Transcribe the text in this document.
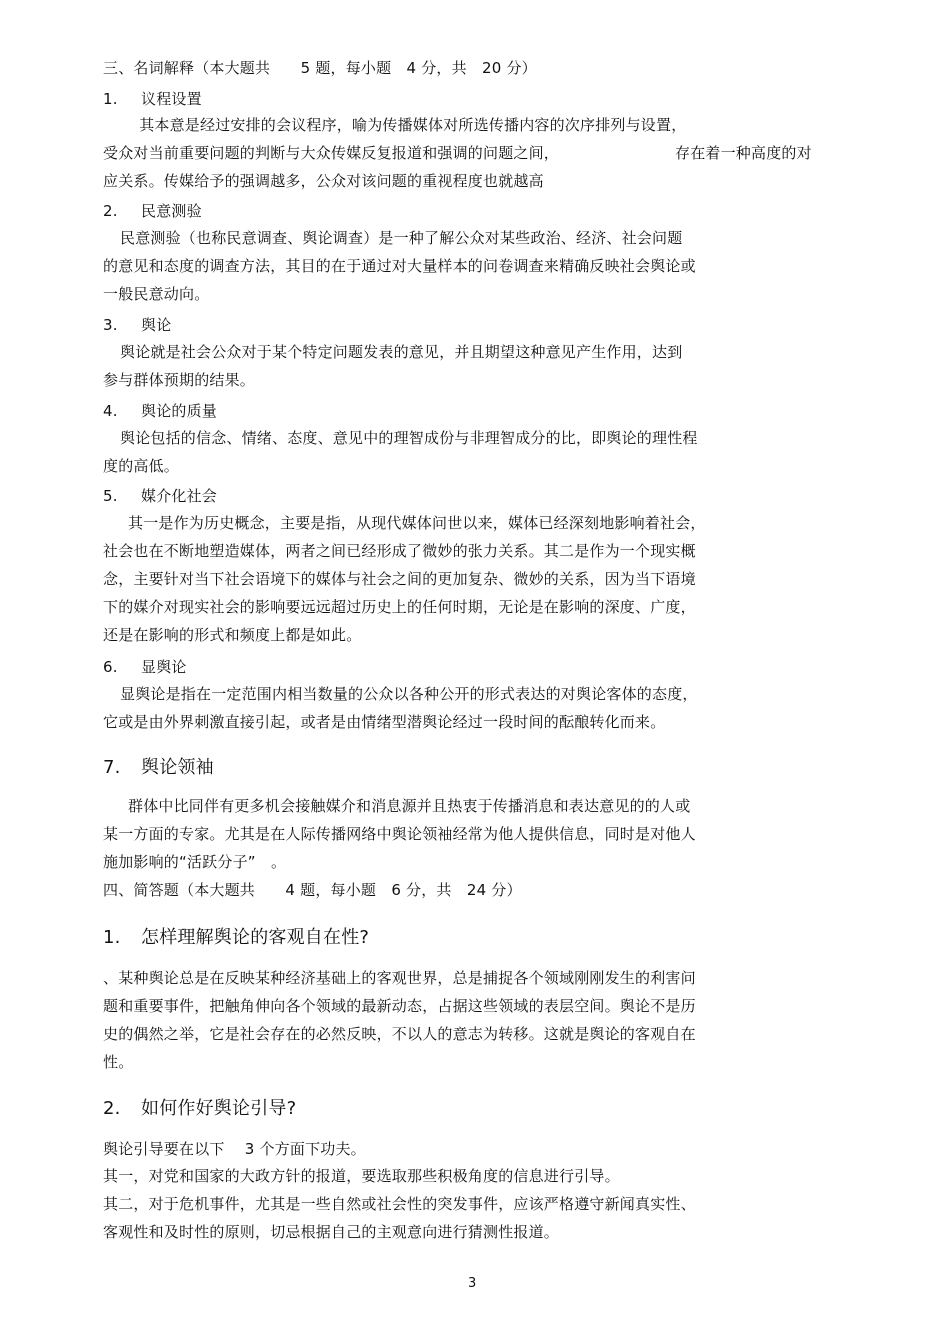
三、名词解释（本大题共　　5 题，每小题　4 分，共　20 分）
1. 议程设置
　其本意是经过安排的会议程序，喻为传播媒体对所选传播内容的次序排列与设置，
受众对当前重要问题的判断与大众传媒反复报道和强调的问题之间，	存在着一种高度的对
应关系。传媒给予的强调越多，公众对该问题的重视程度也就越高
2. 民意测验
民意测验（也称民意调查、舆论调查）是一种了解公众对某些政治、经济、社会问题
的意见和态度的调查方法，其目的在于通过对大量样本的问卷调查来精确反映社会舆论或
一般民意动向。
3. 舆论
舆论就是社会公众对于某个特定问题发表的意见，并且期望这种意见产生作用，达到
参与群体预期的结果。
4. 舆论的质量
舆论包括的信念、情绪、态度、意见中的理智成份与非理智成分的比，即舆论的理性程
度的高低。
5. 媒介化社会
其一是作为历史概念，主要是指，从现代媒体问世以来，媒体已经深刻地影响着社会，
社会也在不断地塑造媒体，两者之间已经形成了微妙的张力关系。其二是作为一个现实概
念，主要针对当下社会语境下的媒体与社会之间的更加复杂、微妙的关系，因为当下语境
下的媒介对现实社会的影响要远远超过历史上的任何时期，无论是在影响的深度、广度，
还是在影响的形式和频度上都是如此。
6. 显舆论
显舆论是指在一定范围内相当数量的公众以各种公开的形式表达的对舆论客体的态度，
它或是由外界刺激直接引起，或者是由情绪型潜舆论经过一段时间的酝酿转化而来。
7. 舆论领袖
群体中比同伴有更多机会接触媒介和消息源并且热衷于传播消息和表达意见的的人或
某一方面的专家。尤其是在人际传播网络中舆论领袖经常为他人提供信息，同时是对他人
施加影响的“活跃分子”　。
四、简答题（本大题共　　4 题，每小题　6 分，共　24 分）
1. 怎样理解舆论的客观自在性?
、某种舆论总是在反映某种经济基础上的客观世界，总是捕捉各个领域刚刚发生的利害问
题和重要事件，把触角伸向各个领域的最新动态，占据这些领域的表层空间。舆论不是历
史的偶然之举，它是社会存在的必然反映，不以人的意志为转移。这就是舆论的客观自在
性。
2. 如何作好舆论引导?
舆论引导要在以下　 3 个方面下功夫。
其一，对党和国家的大政方针的报道，要选取那些积极角度的信息进行引导。
其二，对于危机事件，尤其是一些自然或社会性的突发事件，应该严格遵守新闻真实性、
客观性和及时性的原则，切忌根据自己的主观意向进行猜测性报道。
3
